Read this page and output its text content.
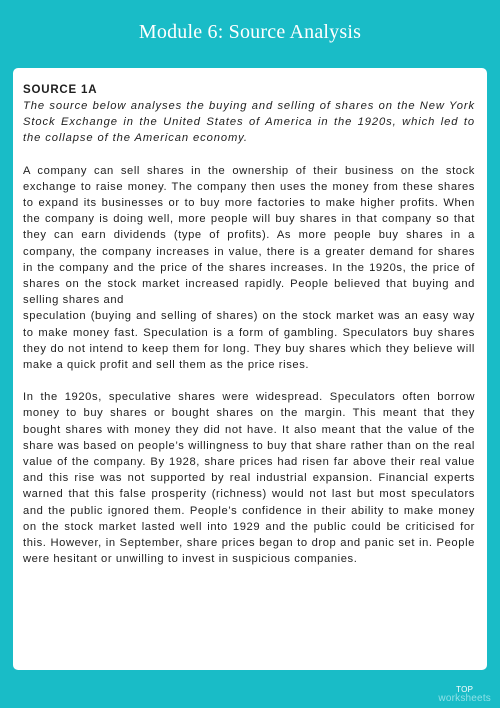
Module 6: Source Analysis
SOURCE 1A

The source below analyses the buying and selling of shares on the New York Stock Exchange in the United States of America in the 1920s, which led to the collapse of the American economy.

A company can sell shares in the ownership of their business on the stock exchange to raise money. The company then uses the money from these shares to expand its businesses or to buy more factories to make higher profits. When the company is doing well, more people will buy shares in that company so that they can earn dividends (type of profits). As more people buy shares in a company, the company increases in value, there is a greater demand for shares in the company and the price of the shares increases. In the 1920s, the price of shares on the stock market increased rapidly. People believed that buying and selling shares and
speculation (buying and selling of shares) on the stock market was an easy way to make money fast. Speculation is a form of gambling. Speculators buy shares they do not intend to keep them for long. They buy shares which they believe will make a quick profit and sell them as the price rises.

In the 1920s, speculative shares were widespread. Speculators often borrow money to buy shares or bought shares on the margin. This meant that they bought shares with money they did not have. It also meant that the value of the share was based on people’s willingness to buy that share rather than on the real value of the company. By 1928, share prices had risen far above their real value and this rise was not supported by real industrial expansion. Financial experts warned that this false prosperity (richness) would not last but most speculators and the public ignored them. People’s confidence in their ability to make money on the stock market lasted well into 1929 and the public could be criticised for this. However, in September, share prices began to drop and panic set in. People were hesitant or unwilling to invest in suspicious companies.

TOP
worksheets
